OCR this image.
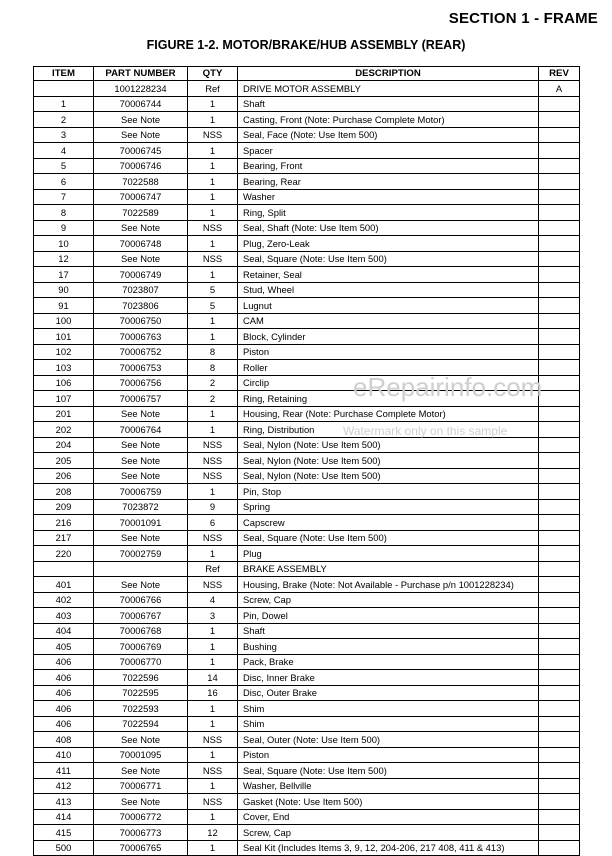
SECTION 1 - FRAME
FIGURE 1-2. MOTOR/BRAKE/HUB ASSEMBLY (REAR)
ITEM	PART NUMBER	QTY	DESCRIPTION	REV
	1001228234	Ref	DRIVE MOTOR ASSEMBLY	A
1	70006744	1	Shaft	
2	See Note	1	Casting, Front (Note: Purchase Complete Motor)	
3	See Note	NSS	Seal, Face (Note: Use Item 500)	
4	70006745	1	Spacer	
5	70006746	1	Bearing, Front	
6	7022588	1	Bearing, Rear	
7	70006747	1	Washer	
8	7022589	1	Ring, Split	
9	See Note	NSS	Seal, Shaft (Note: Use Item 500)	
10	70006748	1	Plug, Zero-Leak	
12	See Note	NSS	Seal, Square (Note: Use Item 500)	
17	70006749	1	Retainer, Seal	
90	7023807	5	Stud, Wheel	
91	7023806	5	Lugnut	
100	70006750	1	CAM	
101	70006763	1	Block, Cylinder	
102	70006752	8	Piston	
103	70006753	8	Roller	
106	70006756	2	Circlip	
107	70006757	2	Ring, Retaining	
201	See Note	1	Housing, Rear (Note: Purchase Complete Motor)	
202	70006764	1	Ring, Distribution	
204	See Note	NSS	Seal, Nylon (Note: Use Item 500)	
205	See Note	NSS	Seal, Nylon (Note: Use Item 500)	
206	See Note	NSS	Seal, Nylon (Note: Use Item 500)	
208	70006759	1	Pin, Stop	
209	7023872	9	Spring	
216	70001091	6	Capscrew	
217	See Note	NSS	Seal, Square (Note: Use Item 500)	
220	70002759	1	Plug	
		Ref	BRAKE ASSEMBLY	
401	See Note	NSS	Housing, Brake (Note: Not Available - Purchase p/n 1001228234)	
402	70006766	4	Screw, Cap	
403	70006767	3	Pin, Dowel	
404	70006768	1	Shaft	
405	70006769	1	Bushing	
406	70006770	1	Pack, Brake	
406	7022596	14	Disc, Inner Brake	
406	7022595	16	Disc, Outer Brake	
406	7022593	1	Shim	
406	7022594	1	Shim	
408	See Note	NSS	Seal, Outer (Note: Use Item 500)	
410	70001095	1	Piston	
411	See Note	NSS	Seal, Square (Note: Use Item 500)	
412	70006771	1	Washer, Bellville	
413	See Note	NSS	Gasket (Note: Use Item 500)	
414	70006772	1	Cover, End	
415	70006773	12	Screw, Cap	
500	70006765	1	Seal Kit (Includes Items 3, 9, 12, 204-206, 217 408, 411 & 413)	
eRepairinfo.com
Watermark only on this sample
